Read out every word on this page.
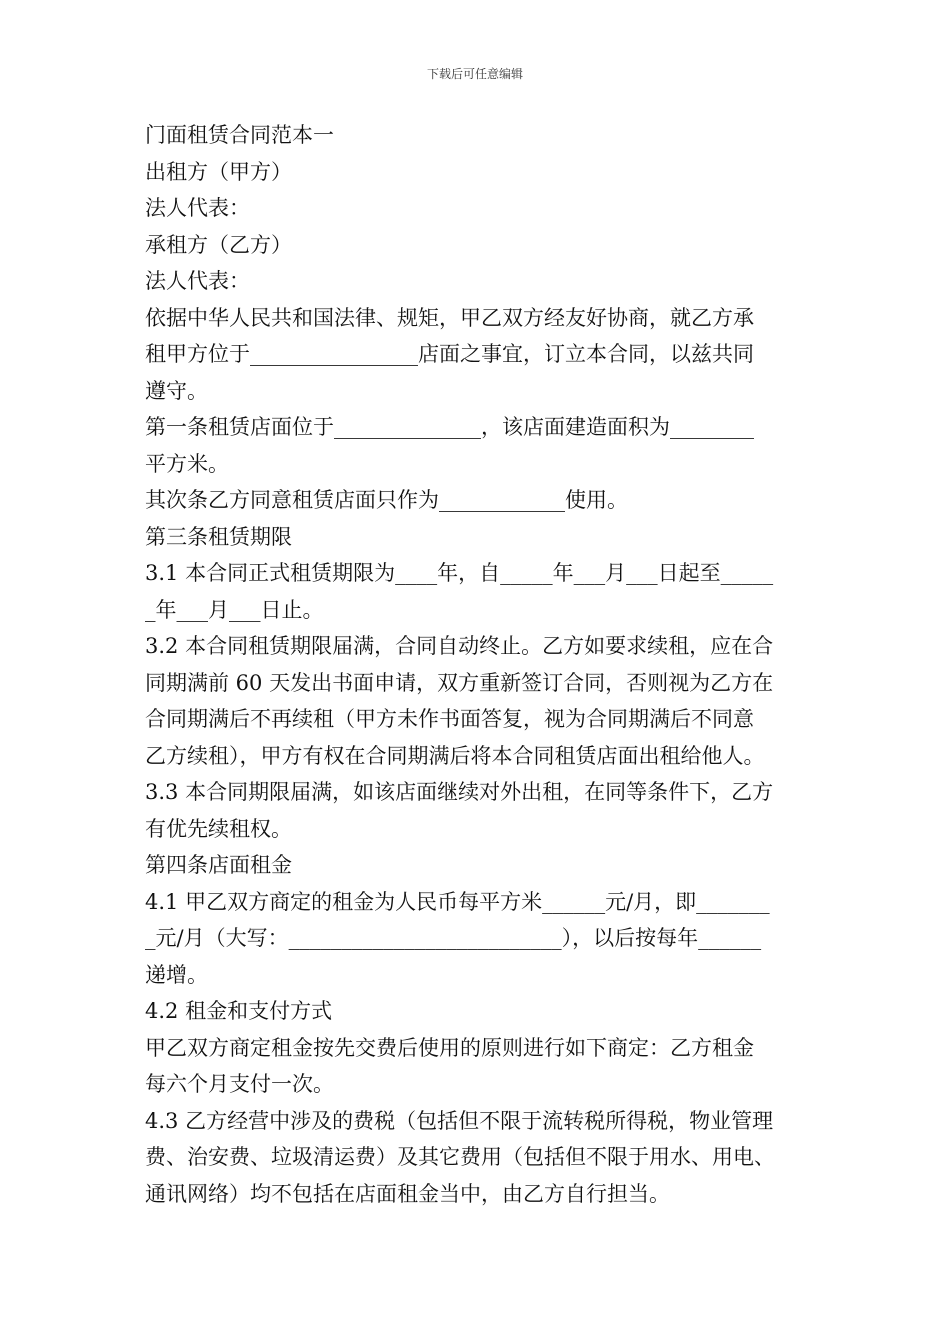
下载后可任意编辑
门面租赁合同范本一
出租方（甲方）
法人代表：
承租方（乙方）
法人代表：
依据中华人民共和国法律、规矩，甲乙双方经友好协商，就乙方承
租甲方位于________________店面之事宜，订立本合同，以兹共同
遵守。
第一条租赁店面位于______________，该店面建造面积为________
平方米。
其次条乙方同意租赁店面只作为____________使用。
第三条租赁期限
3.1 本合同正式租赁期限为____年，自_____年___月___日起至_____
_年___月___日止。
3.2 本合同租赁期限届满，合同自动终止。乙方如要求续租，应在合
同期满前 60 天发出书面申请，双方重新签订合同，否则视为乙方在
合同期满后不再续租（甲方未作书面答复，视为合同期满后不同意
乙方续租），甲方有权在合同期满后将本合同租赁店面出租给他人。
3.3 本合同期限届满，如该店面继续对外出租，在同等条件下，乙方
有优先续租权。
第四条店面租金
4.1 甲乙双方商定的租金为人民币每平方米______元/月，即_______
_元/月（大写：__________________________），以后按每年______
递增。
4.2 租金和支付方式
甲乙双方商定租金按先交费后使用的原则进行如下商定：乙方租金
每六个月支付一次。
4.3 乙方经营中涉及的费税（包括但不限于流转税所得税，物业管理
费、治安费、垃圾清运费）及其它费用（包括但不限于用水、用电、
通讯网络）均不包括在店面租金当中，由乙方自行担当。
